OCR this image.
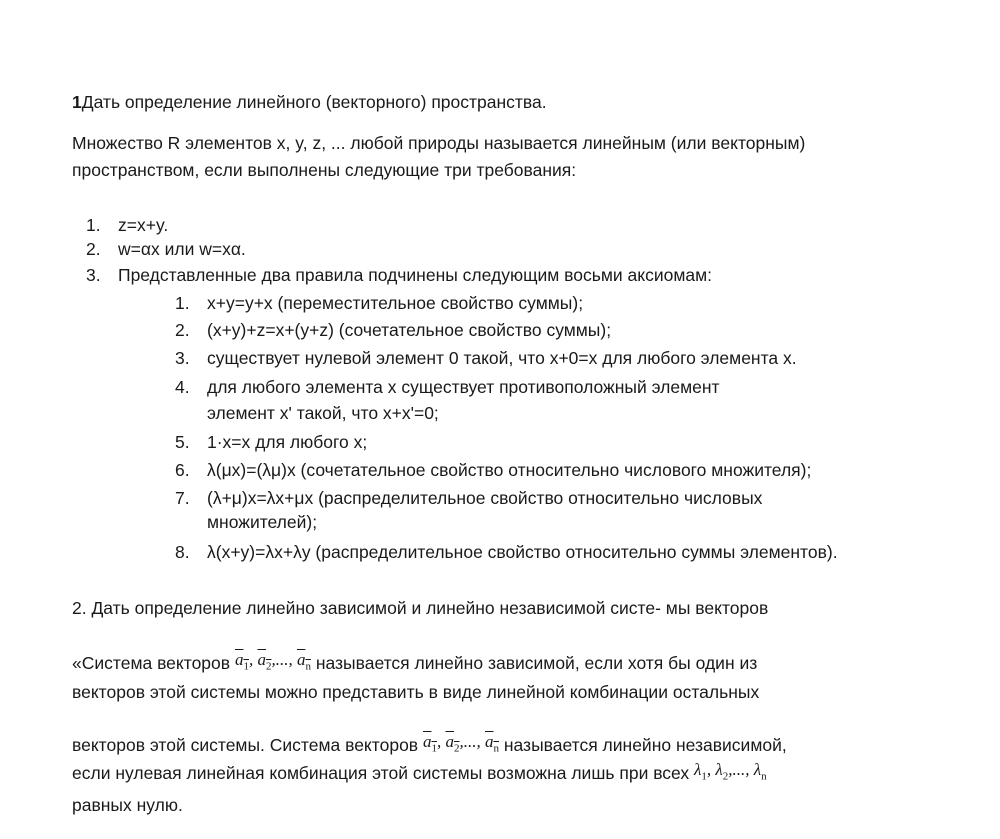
1Дать определение линейного (векторного) пространства.
Множество R элементов x, y, z, ... любой природы называется линейным (или векторным)
пространством, если выполнены следующие три требования:
2. Дать определение линейно зависимой и линейно независимой систе- мы векторов
«Система векторов $a_1$, $a_2$,..., $a_n$ называется линейно зависимой, если хотя бы один из
векторов этой системы можно представить в виде линейной комбинации остальных
векторов этой системы. Система векторов $a_1$, $a_2$,..., $a_n$ называется линейно независимой,
если нулевая линейная комбинация этой системы возможна лишь при всех $\lambda_1$, $\lambda_2$,..., $\lambda_n$
равных нулю.
1. z=x+y.
2. w=αx или w=xα.
3. Представленные два правила подчинены следующим восьми аксиомам:
1. x+y=y+x (переместительное свойство суммы);
2. (x+y)+z=x+(y+z) (сочетательное свойство суммы);
3. существует нулевой элемент 0 такой, что x+0=x для любого элемента x.
4. для любого элемента x существует противоположный элемент
элемент x' такой, что x+x'=0;
5. 1·x=x для любого x;
6. λ(μx)=(λμ)x (сочетательное свойство относительно числового множителя);
7. (λ+μ)x=λx+μx (распределительное свойство относительно числовых
множителей);
8. λ(x+y)=λx+λy (распределительное свойство относительно суммы элементов).
